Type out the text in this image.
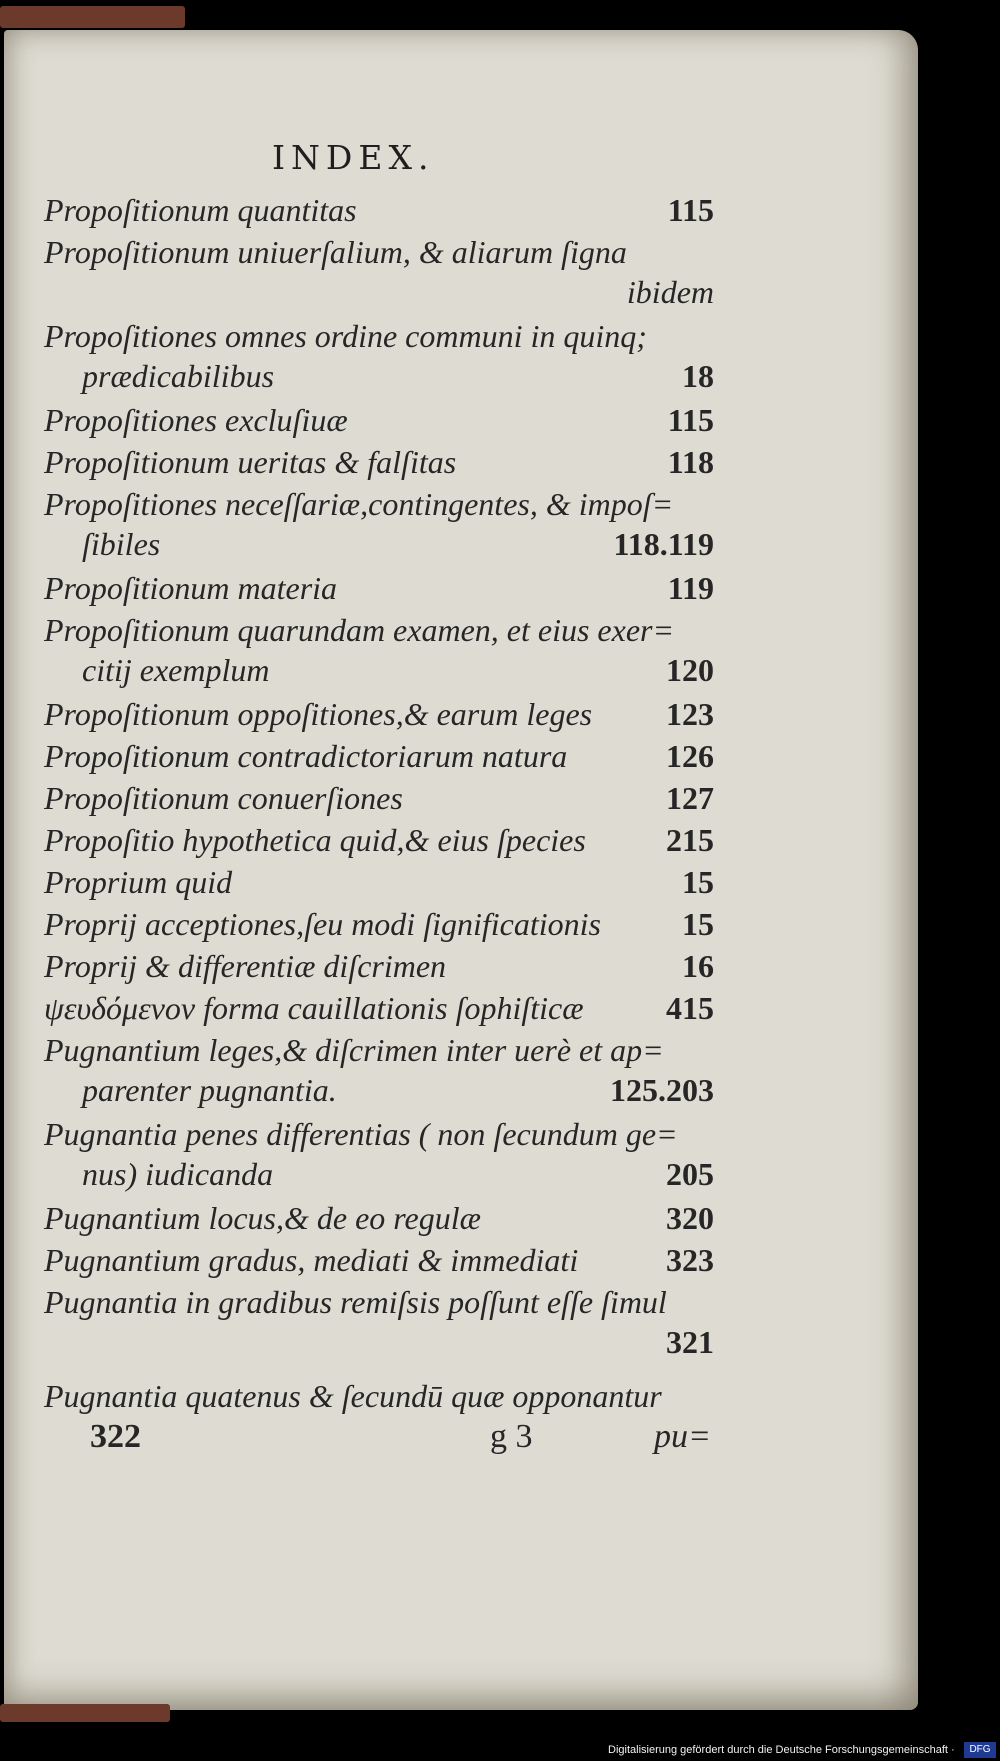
INDEX.
Propoſitionum quantitas	115
Propoſitionum uniuerſalium, & aliarum ſigna
ibidem
Propoſitiones omnes ordine communi in quinq;
prædicabilibus	18
Propoſitiones excluſiuæ	115
Propoſitionum ueritas & falſitas	118
Propoſitiones neceſſariæ,contingentes, & impoſ=
ſibiles	118.119
Propoſitionum materia	119
Propoſitionum quarundam examen, et eius exer=
citij exemplum	120
Propoſitionum oppoſitiones,& earum leges	123
Propoſitionum contradictoriarum natura	126
Propoſitionum conuerſiones	127
Propoſitio hypothetica quid,& eius ſpecies	215
Proprium quid	15
Proprij acceptiones,ſeu modi ſignificationis	15
Proprij & differentiæ diſcrimen	16
ψευδόμενον forma cauillationis ſophiſticæ	415
Pugnantium leges,& diſcrimen inter uerè et ap=
parenter pugnantia.	125.203
Pugnantia penes differentias ( non ſecundum ge=
nus) iudicanda	205
Pugnantium locus,& de eo regulæ	320
Pugnantium gradus, mediati & immediati	323
Pugnantia in gradibus remiſsis poſſunt eſſe ſimul
321
Pugnantia quatenus & ſecundū quæ opponantur
322	g 3	pu=
Digitalisierung gefördert durch die Deutsche Forschungsgemeinschaft ·	DFG
